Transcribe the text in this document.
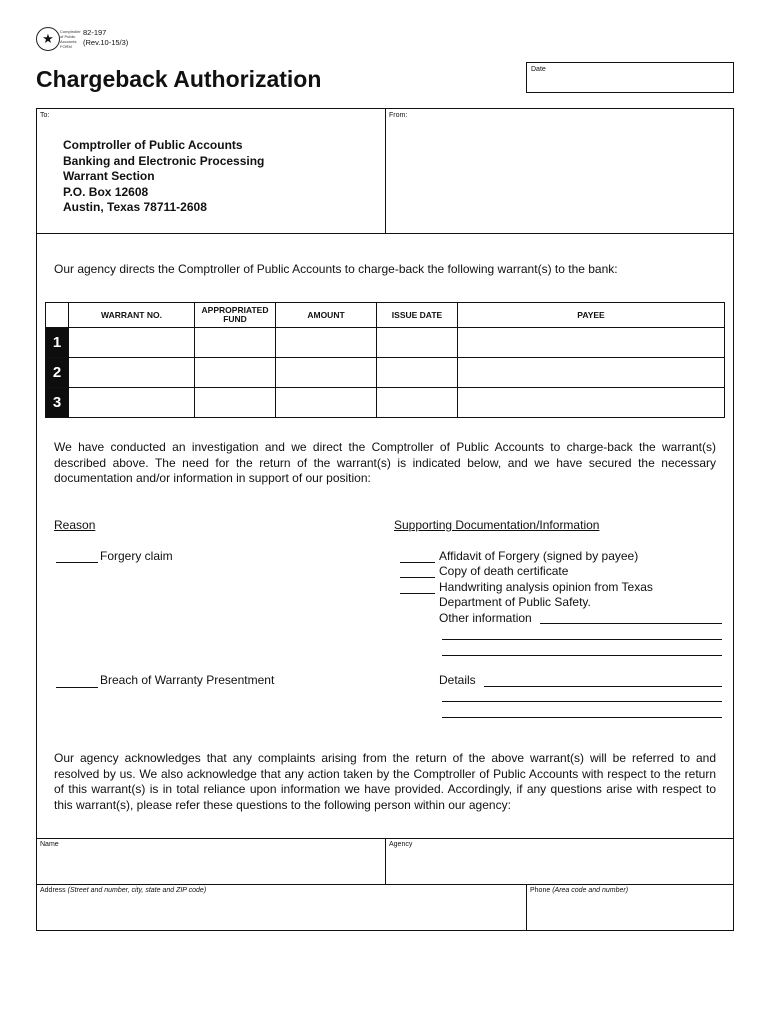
★	Comptroller of Public Accounts FORM
82-197
(Rev.10-15/3)
Chargeback Authorization	Date
To:	From:
Comptroller of Public Accounts
Banking and Electronic Processing
Warrant Section
P.O. Box 12608
Austin, Texas 78711-2608
Our agency directs the Comptroller of Public Accounts to charge-back the following warrant(s) to the bank:
	WARRANT NO.	APPROPRIATED FUND	AMOUNT	ISSUE DATE	PAYEE
1					
2					
3					
We have conducted an investigation and we direct the Comptroller of Public Accounts to charge-back the warrant(s) described above. The need for the return of the warrant(s) is indicated below, and we have secured the necessary documentation and/or information in support of our position:
Reason	Supporting Documentation/Information
Forgery claim	Affidavit of Forgery (signed by payee)
Copy of death certificate
Handwriting analysis opinion from Texas
Department of Public Safety.
Other information
Breach of Warranty Presentment	Details
Our agency acknowledges that any complaints arising from the return of the above warrant(s) will be referred to and resolved by us. We also acknowledge that any action taken by the Comptroller of Public Accounts with respect to the return of this warrant(s) is in total reliance upon information we have provided. Accordingly, if any questions arise with respect to this warrant(s), please refer these questions to the following person within our agency:
Name	Agency
Address (Street and number, city, state and ZIP code)	Phone (Area code and number)
